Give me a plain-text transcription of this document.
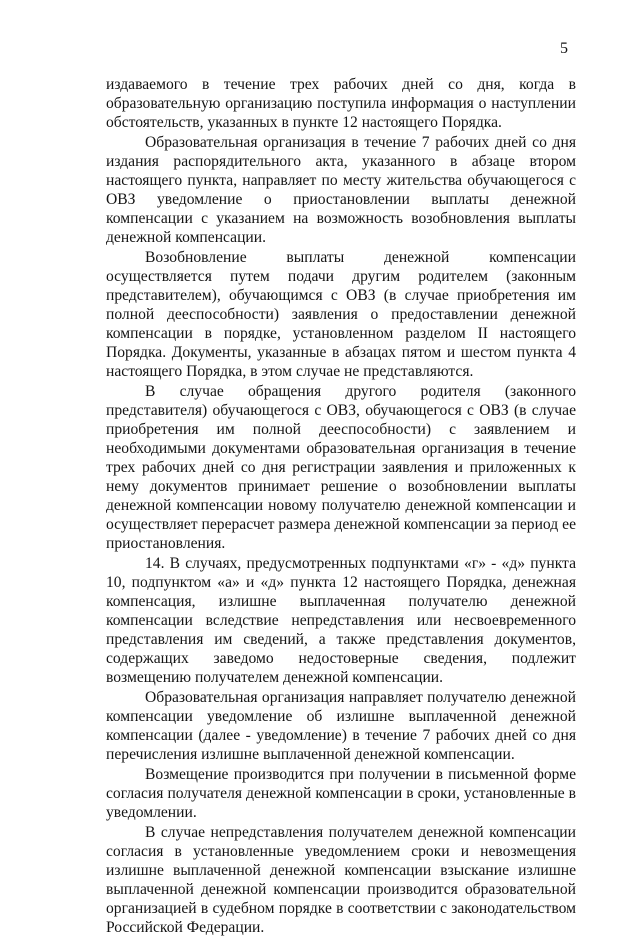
5

издаваемого в течение трех рабочих дней со дня, когда в образовательную организацию поступила информация о наступлении обстоятельств, указанных в пункте 12 настоящего Порядка.

Образовательная организация в течение 7 рабочих дней со дня издания распорядительного акта, указанного в абзаце втором настоящего пункта, направляет по месту жительства обучающегося с ОВЗ уведомление о приостановлении выплаты денежной компенсации с указанием на возможность возобновления выплаты денежной компенсации.

Возобновление выплаты денежной компенсации осуществляется путем подачи другим родителем (законным представителем), обучающимся с ОВЗ (в случае приобретения им полной дееспособности) заявления о предоставлении денежной компенсации в порядке, установленном разделом II настоящего Порядка. Документы, указанные в абзацах пятом и шестом пункта 4 настоящего Порядка, в этом случае не представляются.

В случае обращения другого родителя (законного представителя) обучающегося с ОВЗ, обучающегося с ОВЗ (в случае приобретения им полной дееспособности) с заявлением и необходимыми документами образовательная организация в течение трех рабочих дней со дня регистрации заявления и приложенных к нему документов принимает решение о возобновлении выплаты денежной компенсации новому получателю денежной компенсации и осуществляет перерасчет размера денежной компенсации за период ее приостановления.

14. В случаях, предусмотренных подпунктами «г» - «д» пункта 10, подпунктом «а» и «д» пункта 12 настоящего Порядка, денежная компенсация, излишне выплаченная получателю денежной компенсации вследствие непредставления или несвоевременного представления им сведений, а также представления документов, содержащих заведомо недостоверные сведения, подлежит возмещению получателем денежной компенсации.

Образовательная организация направляет получателю денежной компенсации уведомление об излишне выплаченной денежной компенсации (далее - уведомление) в течение 7 рабочих дней со дня перечисления излишне выплаченной денежной компенсации.

Возмещение производится при получении в письменной форме согласия получателя денежной компенсации в сроки, установленные в уведомлении.

В случае непредставления получателем денежной компенсации согласия в установленные уведомлением сроки и невозмещения излишне выплаченной денежной компенсации взыскание излишне выплаченной денежной компенсации производится образовательной организацией в судебном порядке в соответствии с законодательством Российской Федерации.
